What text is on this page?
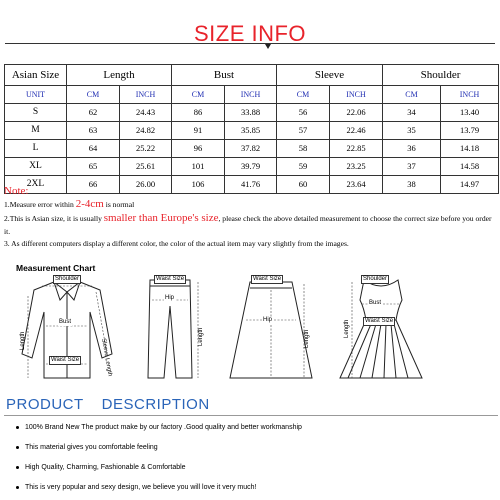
SIZE INFO
Asian Size	Length		Bust		Sleeve		Shoulder	
UNIT	CM	INCH	CM	INCH	CM	INCH	CM	INCH
S	62	24.43	86	33.88	56	22.06	34	13.40
M	63	24.82	91	35.85	57	22.46	35	13.79
L	64	25.22	96	37.82	58	22.85	36	14.18
XL	65	25.61	101	39.79	59	23.25	37	14.58
2XL	66	26.00	106	41.76	60	23.64	38	14.97
Note:
1.Measure error within 2-4cm is normal
2.This is Asian size, it is usually smaller than Europe's size, please check the above detailed measurement to choose the correct size before you order it.
3. As different computers display a different color, the color of the actual item may vary slightly from the images.
Measurement Chart
Shoulder
Bust
Waist Size
Length	Sleeve Length
Waist Size
Hip
Length
Waist Size
Hip
Length
Shoulder
Bust
Waist Size
Length
PRODUCT DESCRIPTION
100% Brand New The product make by our factory .Good quality and better workmanship
This material gives you comfortable feeling
High Quality, Charming, Fashionable & Comfortable
This is very popular and sexy design, we believe you will love it very much!
